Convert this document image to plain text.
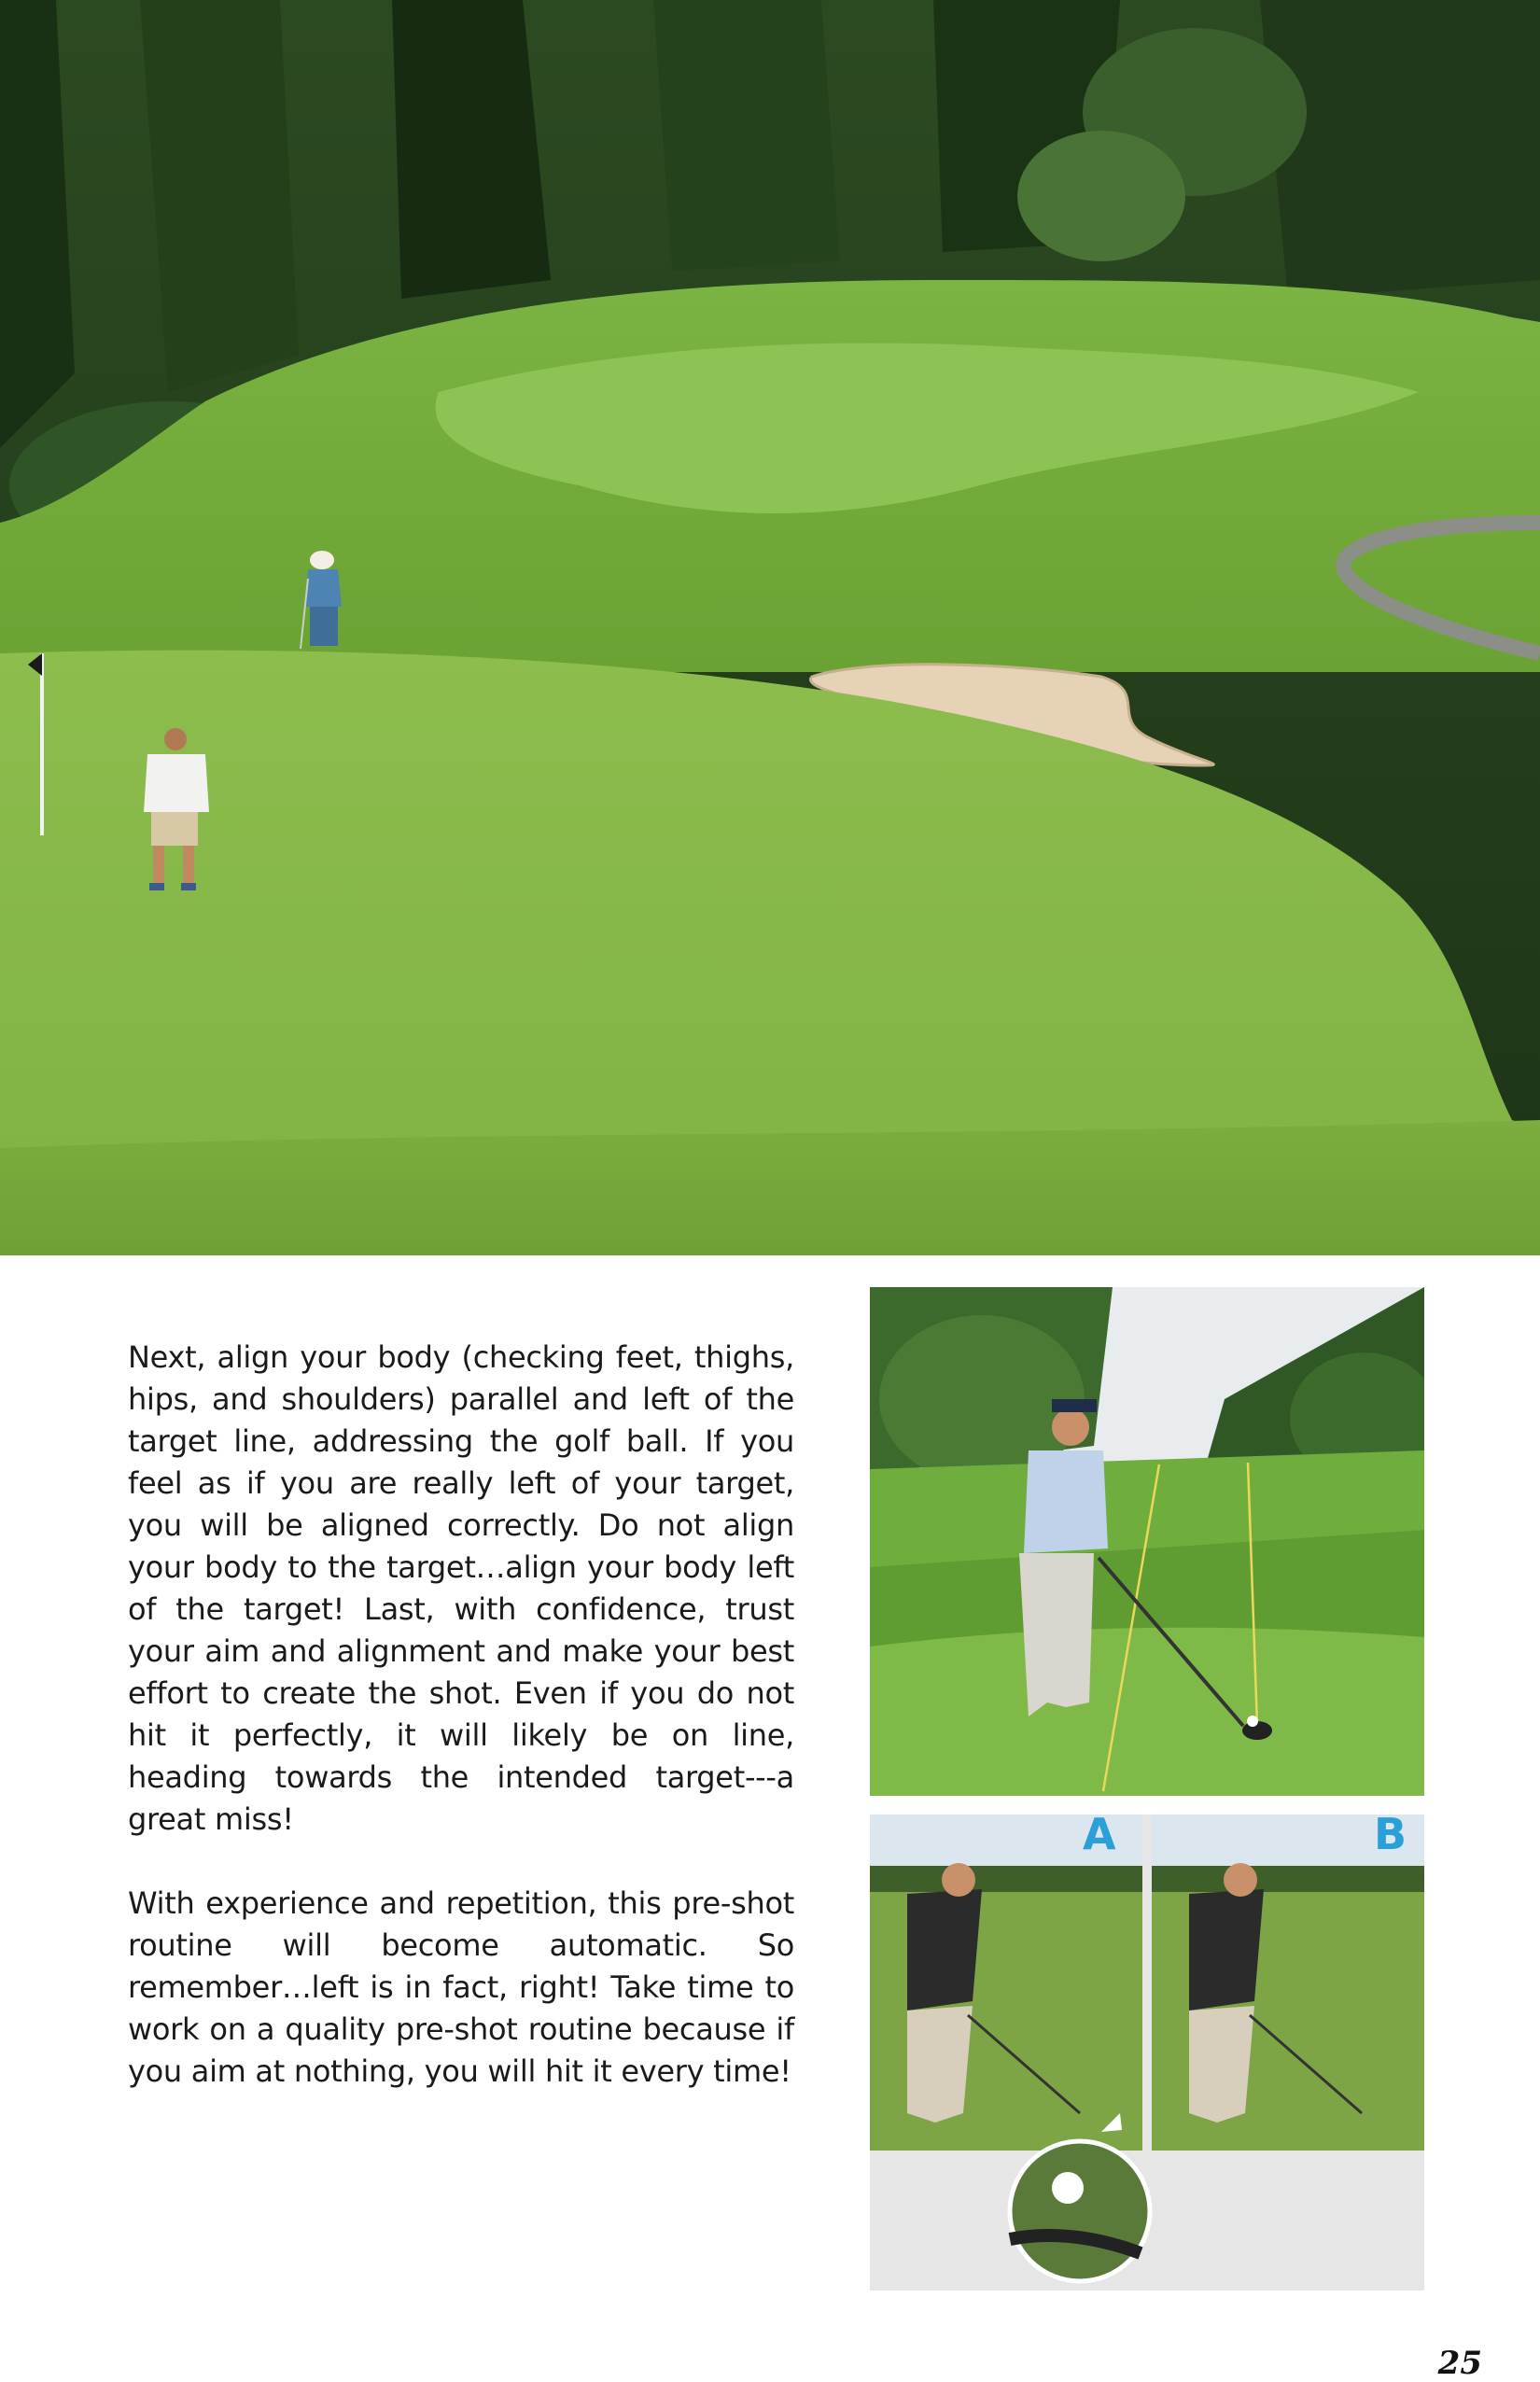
Next, align your body (checking feet, thighs, hips, and shoulders) parallel and left of the target line, addressing the golf ball. If you feel as if you are really left of your target, you will be aligned correctly. Do not align your body to the target…align your body left of the target! Last, with confidence, trust your aim and alignment and make your best effort to create the shot. Even if you do not hit it perfectly, it will likely be on line, heading towards the intended target---a great miss!

With experience and repetition, this pre-shot routine will become automatic. So remember…left is in fact, right! Take time to work on a quality pre-shot routine because if you aim at nothing, you will hit it every time!

A	B
25
